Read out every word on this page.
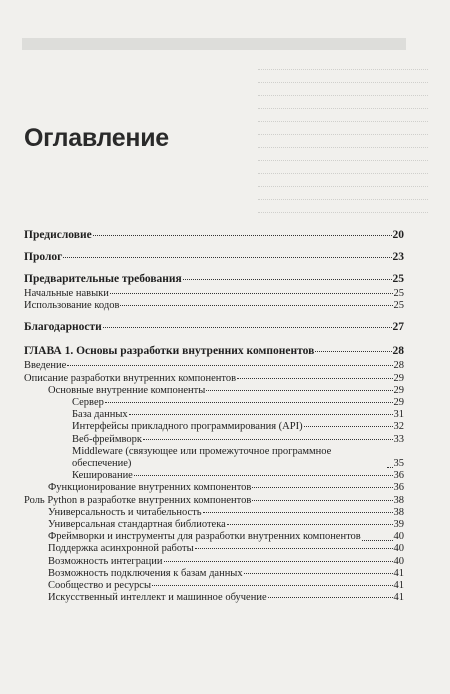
Оглавление
Предисловие	20
Пролог	23
Предварительные требования	25
Начальные навыки	25
Использование кодов	25
Благодарности	27
ГЛАВА 1. Основы разработки внутренних компонентов	28
Введение	28
Описание разработки внутренних компонентов	29
Основные внутренние компоненты	29
Сервер	29
База данных	31
Интерфейсы прикладного программирования (API)	32
Веб-фреймворк	33
Middleware (связующее или промежуточное программное обеспечение)	35
Кеширование	36
Функционирование внутренних компонентов	36
Роль Python в разработке внутренних компонентов	38
Универсальность и читабельность	38
Универсальная стандартная библиотека	39
Фреймворки и инструменты для разработки внутренних компонентов	40
Поддержка асинхронной работы	40
Возможность интеграции	40
Возможность подключения к базам данных	41
Сообщество и ресурсы	41
Искусственный интеллект и машинное обучение	41
